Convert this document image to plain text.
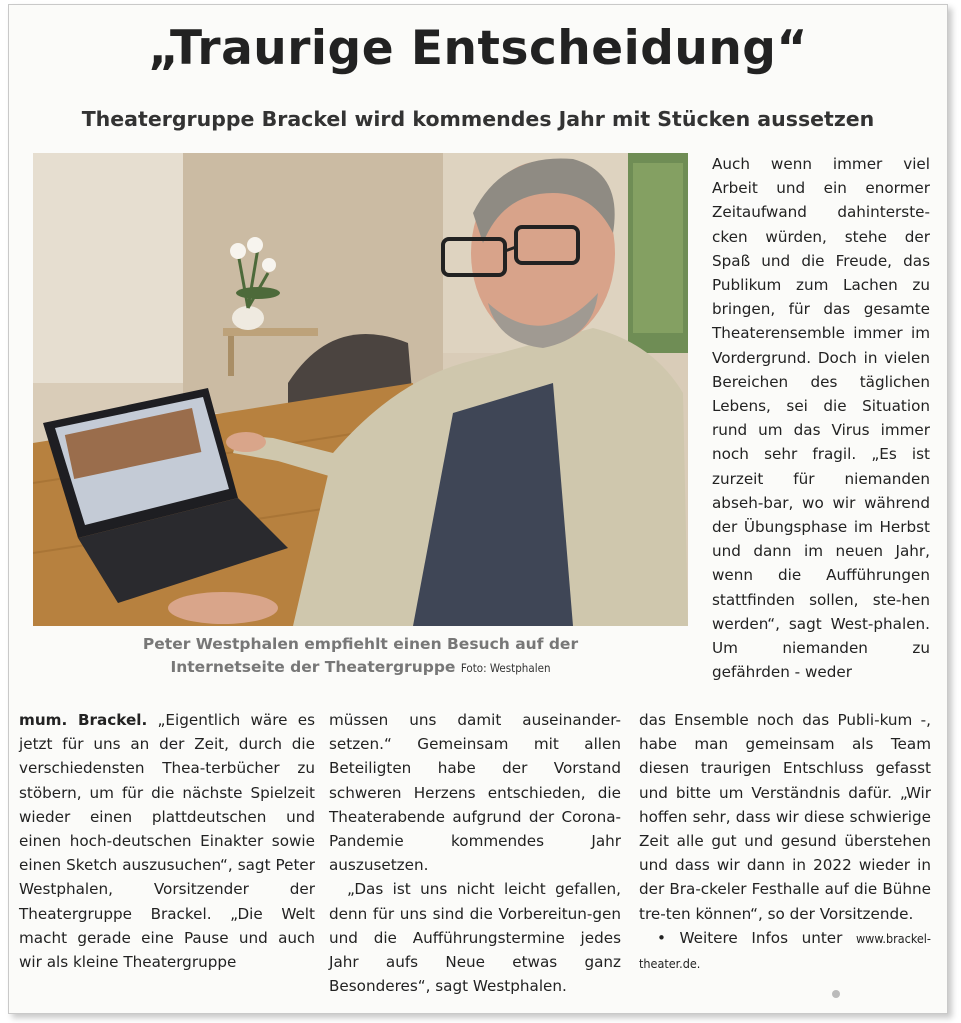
„Traurige Entscheidung“
Theatergruppe Brackel wird kommendes Jahr mit Stücken aussetzen
Peter Westphalen empfiehlt einen Besuch auf der
Internetseite der Theatergruppe Foto: Westphalen

Auch wenn immer viel Arbeit und ein enormer Zeitaufwand dahinterste-cken würden, stehe der Spaß und die Freude, das Publikum zum Lachen zu bringen, für das gesamte Theaterensemble immer im Vordergrund. Doch in vielen Bereichen des täglichen Lebens, sei die Situation rund um das Virus immer noch sehr fragil. „Es ist zurzeit für niemanden abseh-bar, wo wir während der Übungsphase im Herbst und dann im neuen Jahr, wenn die Aufführungen stattfinden sollen, ste-hen werden“, sagt West-phalen. Um niemanden zu gefährden - weder

mum. Brackel. „Eigentlich wäre es jetzt für uns an der Zeit, durch die verschiedensten Thea-terbücher zu stöbern, um für die nächste Spielzeit wieder einen plattdeutschen und einen hoch-deutschen Einakter sowie einen Sketch auszusuchen“, sagt Peter Westphalen, Vorsitzender der Theatergruppe Brackel. „Die Welt macht gerade eine Pause und auch wir als kleine Theatergruppe

müssen uns damit auseinander-setzen.“ Gemeinsam mit allen Beteiligten habe der Vorstand schweren Herzens entschieden, die Theaterabende aufgrund der Corona-Pandemie kommendes Jahr auszusetzen.

„Das ist uns nicht leicht gefallen, denn für uns sind die Vorbereitun-gen und die Aufführungstermine jedes Jahr aufs Neue etwas ganz Besonderes“, sagt Westphalen.

das Ensemble noch das Publi-kum -, habe man gemeinsam als Team diesen traurigen Entschluss gefasst und bitte um Verständnis dafür. „Wir hoffen sehr, dass wir diese schwierige Zeit alle gut und gesund überstehen und dass wir dann in 2022 wieder in der Bra-ckeler Festhalle auf die Bühne tre-ten können“, so der Vorsitzende.

• Weitere Infos unter www.brackel-theater.de.
